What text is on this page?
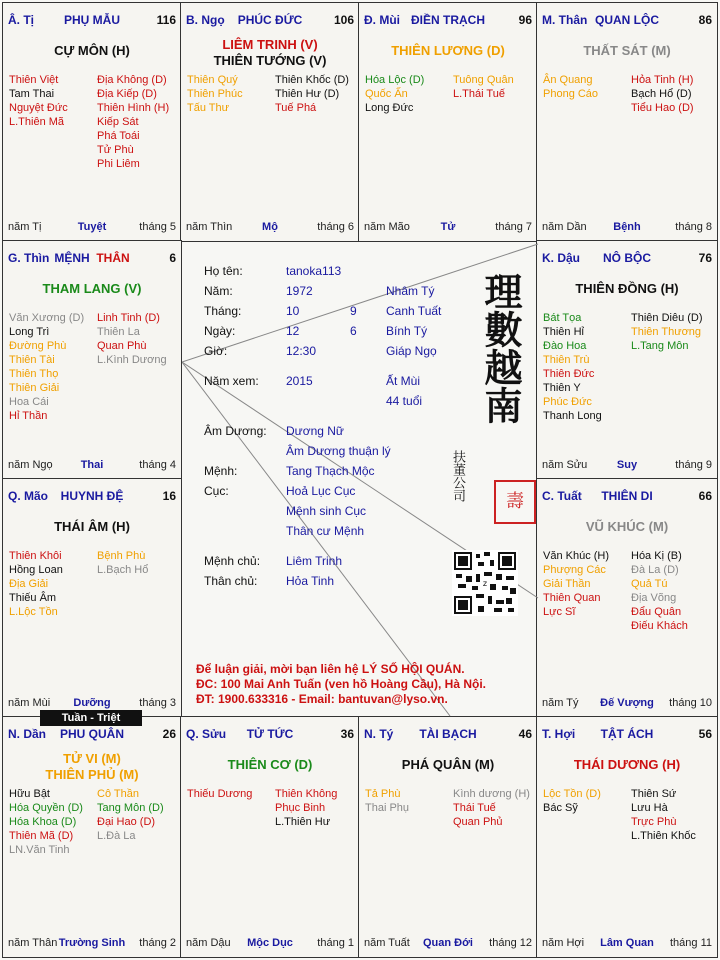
Â. Tị	PHỤ MẪU	116
CỰ MÔN (H)
Thiên Việt
Tam Thai
Nguyệt Đức
L.Thiên Mã
Địa Không (D)
Địa Kiếp (D)
Thiên Hình (H)
Kiếp Sát
Phá Toái
Tử Phù
Phi Liêm
năm Tị	Tuyệt	tháng 5
B. Ngọ	PHÚC ĐỨC	106
LIÊM TRINH (V)
THIÊN TƯỚNG (V)
Thiên Quý
Thiên Phúc
Tấu Thư
Thiên Khốc (D)
Thiên Hư (D)
Tuế Phá
năm Thìn	Mộ	tháng 6
Đ. Mùi ĐIỀN TRẠCH	96
THIÊN LƯƠNG (D)
Hóa Lộc (D)
Quốc Ấn
Long Đức
Tuông Quân
L.Thái Tuế
năm Mão	Tử	tháng 7
M. Thân QUAN LỘC	86
THẤT SÁT (M)
Ân Quang
Phong Cáo
Hỏa Tinh (H)
Bạch Hổ (D)
Tiểu Hao (D)
năm Dần	Bệnh	tháng 8
G. Thìn MỆNH THÂN	6
THAM LANG (V)
Văn Xương (D)
Long Trì
Đường Phù
Thiên Tài
Thiên Thọ
Thiên Giải
Hoa Cái
Hỉ Thần
Linh Tinh (D)
Thiên La
Quan Phù
L.Kình Dương
năm Ngọ	Thai	tháng 4
K. Dậu	NÔ BỘC	76
THIÊN ĐỒNG (H)
Bát Tọa
Thiên Hỉ
Đào Hoa
Thiên Trù
Thiên Đức
Thiên Y
Phúc Đức
Thanh Long
Thiên Diêu (D)
Thiên Thương
L.Tang Môn
năm Sửu	Suy	tháng 9
Q. Mão	HUYNH ĐỆ	16
THÁI ÂM (H)
Thiên Khôi
Hồng Loan
Địa Giải
Thiếu Âm
L.Lộc Tồn
Bệnh Phù
L.Bạch Hổ
năm Mùi	Dưỡng	tháng 3
C. Tuất	THIÊN DI	66
VŨ KHÚC (M)
Văn Khúc (H)
Phượng Các
Giải Thần
Thiên Quan
Lực Sĩ
Hóa Kị (B)
Đà La (D)
Quả Tú
Địa Võng
Đẩu Quân
Điếu Khách
năm Tý	Đế Vượng	tháng 10
N. Dần	PHU QUÂN	26
TỬ VI (M)
THIÊN PHỦ (M)
Hữu Bật
Hóa Quyền (D)
Hóa Khoa (D)
Thiên Mã (D)
LN.Văn Tinh
Cô Thần
Tang Môn (D)
Đại Hao (D)
L.Đà La
năm Thân Trường Sinh	tháng 2
Q. Sửu	TỬ TỨC	36
THIÊN CƠ (D)
Thiếu Dương Thiên Không
Phục Binh
L.Thiên Hư
năm Dậu	Mộc Dục	tháng 1
N. Tý	TÀI BẠCH	46
PHÁ QUÂN (M)
Tả Phù
Thai Phụ
Kình dương (H)
Thái Tuế
Quan Phủ
năm Tuất	Quan Đới	tháng 12
T. Hợi	TẬT ÁCH	56
THÁI DƯƠNG (H)
Lộc Tồn (D)
Bác Sỹ
Thiên Sứ
Lưu Hà
Trực Phù
L.Thiên Khốc
năm Hợi	Lâm Quan	tháng 11
Họ tên:	tanoka113
Năm:	1972	Nhâm Tý
Tháng:	10	9 Canh Tuất
Ngày:	12	6 Bính Tý
Giờ:	12:30	Giáp Ngọ
Năm xem: 2015	Ất Mùi
44 tuổi
Âm Dương: Dương Nữ
Âm Dương thuận lý
Mệnh:	Tang Thạch Mộc
Cục:	Hoả Lục Cục
Mệnh sinh Cục
Thân cư Mệnh
Mệnh chủ: Liêm Trinh
Thân chủ: Hỏa Tinh
理數越南
扶董公司	壽
z
Để luận giải, mời bạn liên hệ LÝ SỐ HỘI QUÁN.
ĐC: 100 Mai Anh Tuấn (ven hồ Hoàng Cầu), Hà Nội.
ĐT: 1900.633316 - Email: bantuvan@lyso.vn.
Tuần - Triệt
